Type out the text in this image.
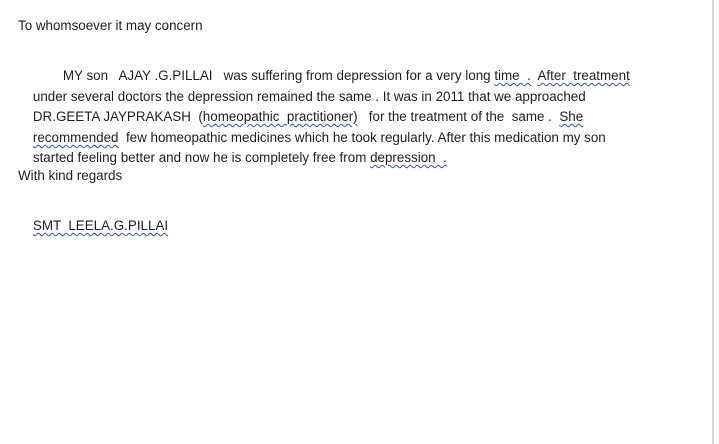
To whomsoever it may concern

MY son   AJAY .G.PILLAI   was suffering from depression for a very long time  . After  treatment

under several doctors the depression remained the same . It was in 2011 that we approached

DR.GEETA JAYPRAKASH  (homeopathic  practitioner)   for the treatment of the  same .  She

recommended  few homeopathic medicines which he took regularly. After this medication my son

started feeling better and now he is completely free from depression  .

With kind regards

SMT  LEELA.G.PILLAI
